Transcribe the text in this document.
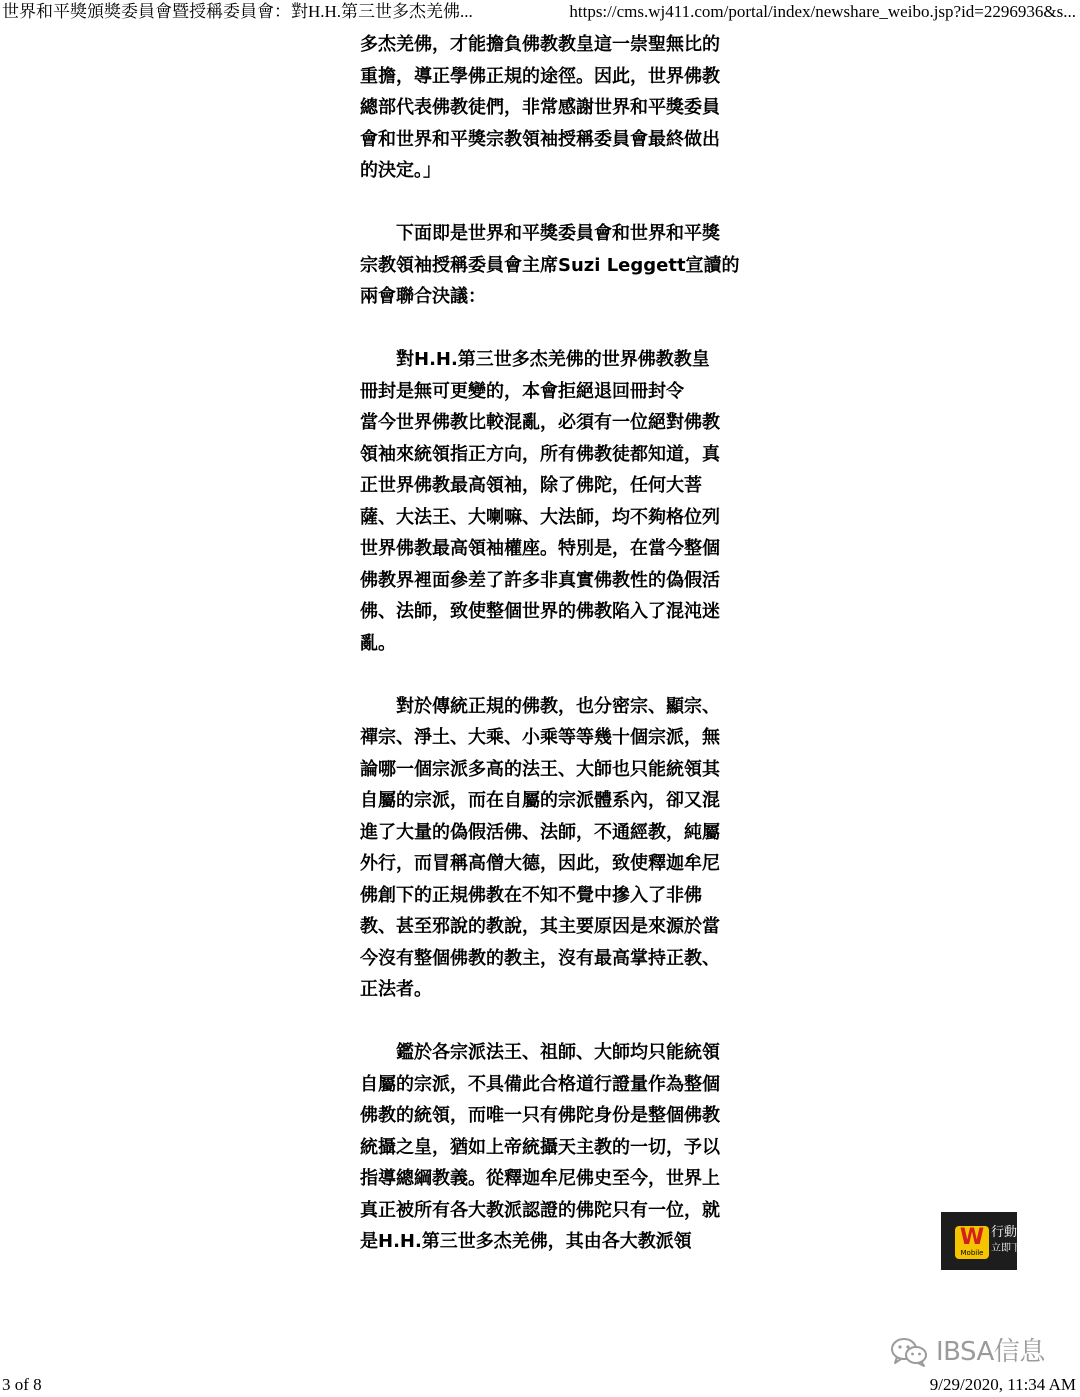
世界和平獎頒獎委員會暨授稱委員會：對H.H.第三世多杰羌佛...	https://cms.wj411.com/portal/index/newshare_weibo.jsp?id=2296936&s...

多杰羌佛，才能擔負佛教教皇這一崇聖無比的
重擔，導正學佛正規的途徑。因此，世界佛教
總部代表佛教徒們，非常感謝世界和平獎委員
會和世界和平獎宗教領袖授稱委員會最終做出
的決定。」

下面即是世界和平獎委員會和世界和平獎
宗教領袖授稱委員會主席Suzi Leggett宣讀的
兩會聯合決議：

對H.H.第三世多杰羌佛的世界佛教教皇
冊封是無可更變的，本會拒絕退回冊封令
當今世界佛教比較混亂，必須有一位絕對佛教
領袖來統領指正方向，所有佛教徒都知道，真
正世界佛教最高領袖，除了佛陀，任何大菩
薩、大法王、大喇嘛、大法師，均不夠格位列
世界佛教最高領袖權座。特別是，在當今整個
佛教界裡面參差了許多非真實佛教性的偽假活
佛、法師，致使整個世界的佛教陷入了混沌迷
亂。

對於傳統正規的佛教，也分密宗、顯宗、
禪宗、淨土、大乘、小乘等等幾十個宗派，無
論哪一個宗派多高的法王、大師也只能統領其
自屬的宗派，而在自屬的宗派體系內，卻又混
進了大量的偽假活佛、法師，不通經教，純屬
外行，而冒稱高僧大德，因此，致使釋迦牟尼
佛創下的正規佛教在不知不覺中摻入了非佛
教、甚至邪說的教說，其主要原因是來源於當
今沒有整個佛教的教主，沒有最高掌持正教、
正法者。

鑑於各宗派法王、祖師、大師均只能統領
自屬的宗派，不具備此合格道行證量作為整個
佛教的統領，而唯一只有佛陀身份是整個佛教
統攝之皇，猶如上帝統攝天主教的一切，予以
指導總綱教義。從釋迦牟尼佛史至今，世界上
真正被所有各大教派認證的佛陀只有一位，就
是H.H.第三世多杰羌佛，其由各大教派領	W
Mobile
行動
立即下
IBSA信息
3 of 8	9/29/2020, 11:34 AM
